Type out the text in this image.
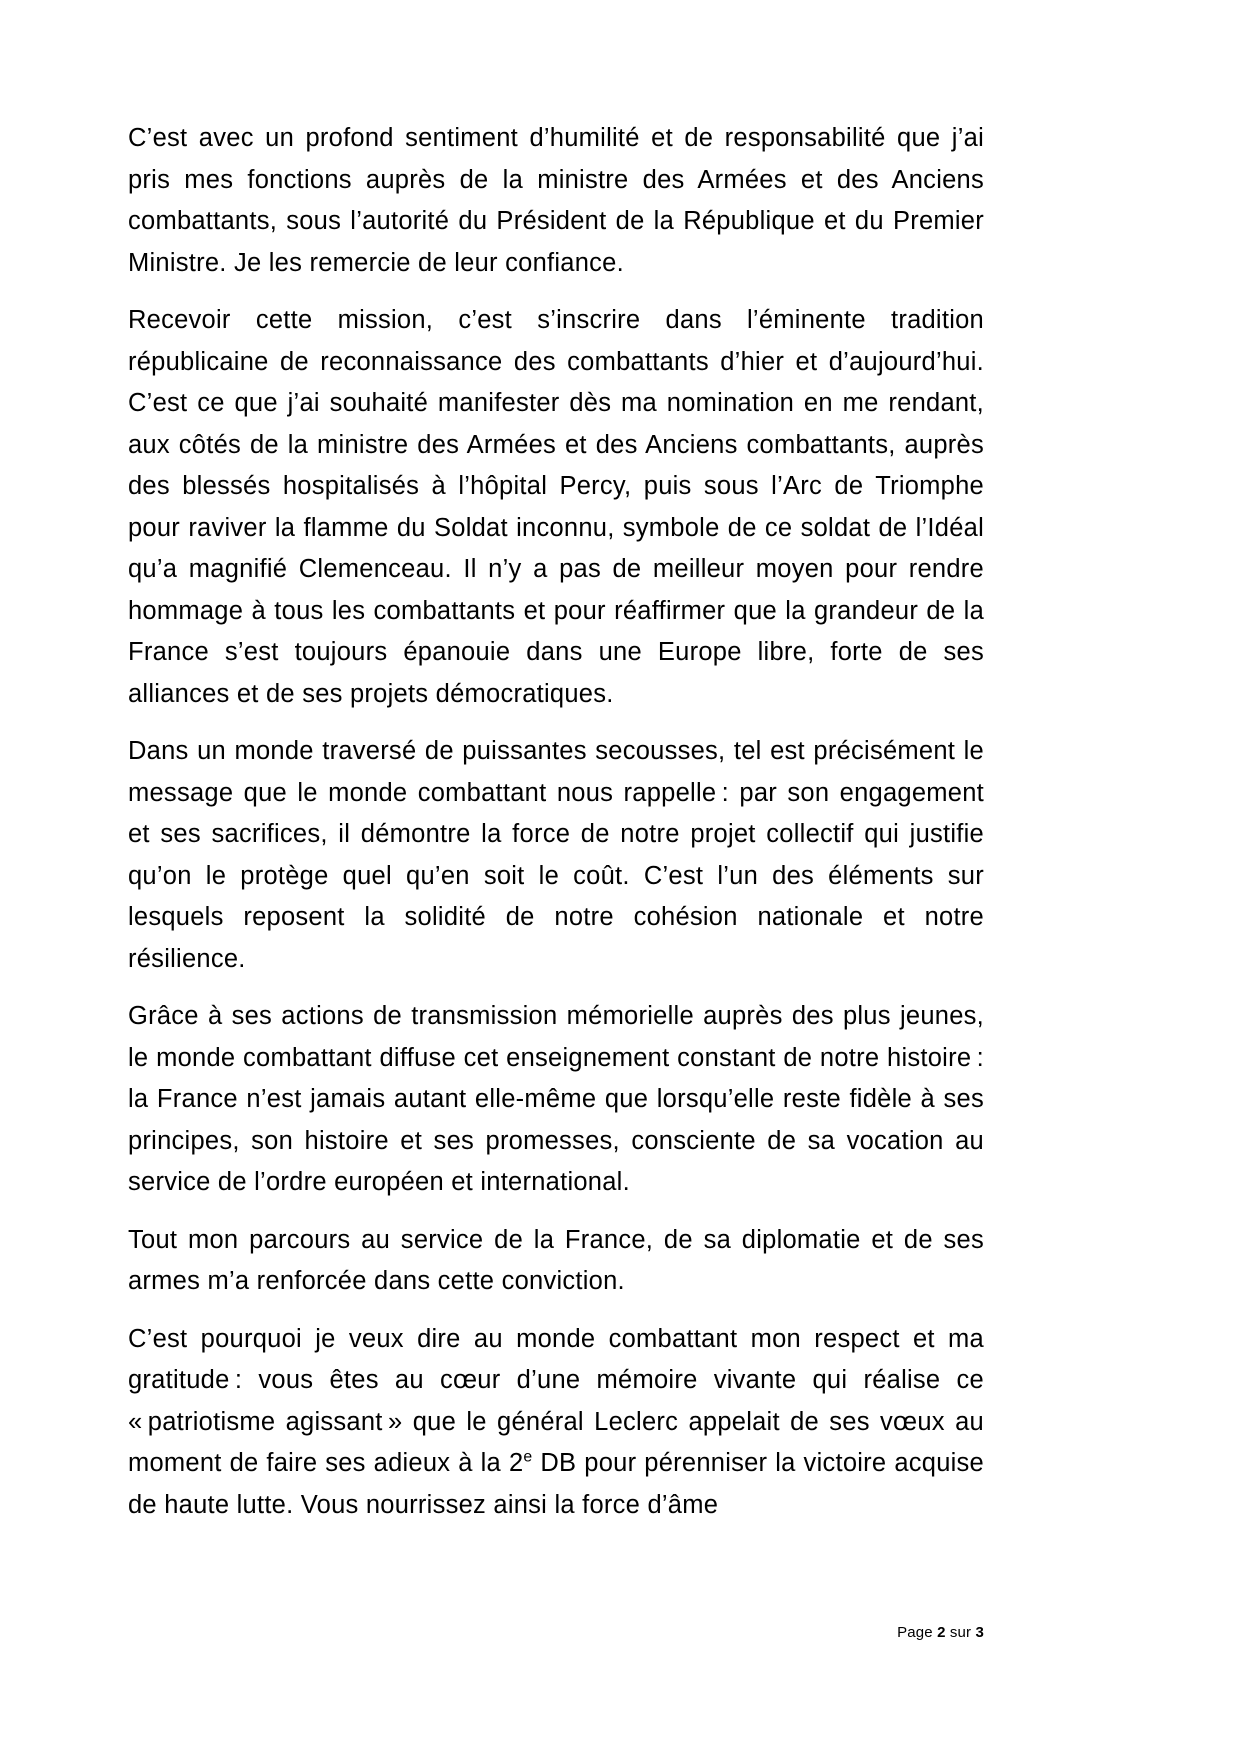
C’est avec un profond sentiment d’humilité et de responsabilité que j’ai pris mes fonctions auprès de la ministre des Armées et des Anciens combattants, sous l’autorité du Président de la République et du Premier Ministre. Je les remercie de leur confiance.

Recevoir cette mission, c’est s’inscrire dans l’éminente tradition républicaine de reconnaissance des combattants d’hier et d’aujourd’hui. C’est ce que j’ai souhaité manifester dès ma nomination en me rendant, aux côtés de la ministre des Armées et des Anciens combattants, auprès des blessés hospitalisés à l’hôpital Percy, puis sous l’Arc de Triomphe pour raviver la flamme du Soldat inconnu, symbole de ce soldat de l’Idéal qu’a magnifié Clemenceau. Il n’y a pas de meilleur moyen pour rendre hommage à tous les combattants et pour réaffirmer que la grandeur de la France s’est toujours épanouie dans une Europe libre, forte de ses alliances et de ses projets démocratiques.

Dans un monde traversé de puissantes secousses, tel est précisément le message que le monde combattant nous rappelle : par son engagement et ses sacrifices, il démontre la force de notre projet collectif qui justifie qu’on le protège quel qu’en soit le coût. C’est l’un des éléments sur lesquels reposent la solidité de notre cohésion nationale et notre résilience.

Grâce à ses actions de transmission mémorielle auprès des plus jeunes, le monde combattant diffuse cet enseignement constant de notre histoire : la France n’est jamais autant elle-même que lorsqu’elle reste fidèle à ses principes, son histoire et ses promesses, consciente de sa vocation au service de l’ordre européen et international.

Tout mon parcours au service de la France, de sa diplomatie et de ses armes m’a renforcée dans cette conviction.

C’est pourquoi je veux dire au monde combattant mon respect et ma gratitude : vous êtes au cœur d’une mémoire vivante qui réalise ce « patriotisme agissant » que le général Leclerc appelait de ses vœux au moment de faire ses adieux à la 2e DB pour pérenniser la victoire acquise de haute lutte. Vous nourrissez ainsi la force d’âme

Page 2 sur 3
